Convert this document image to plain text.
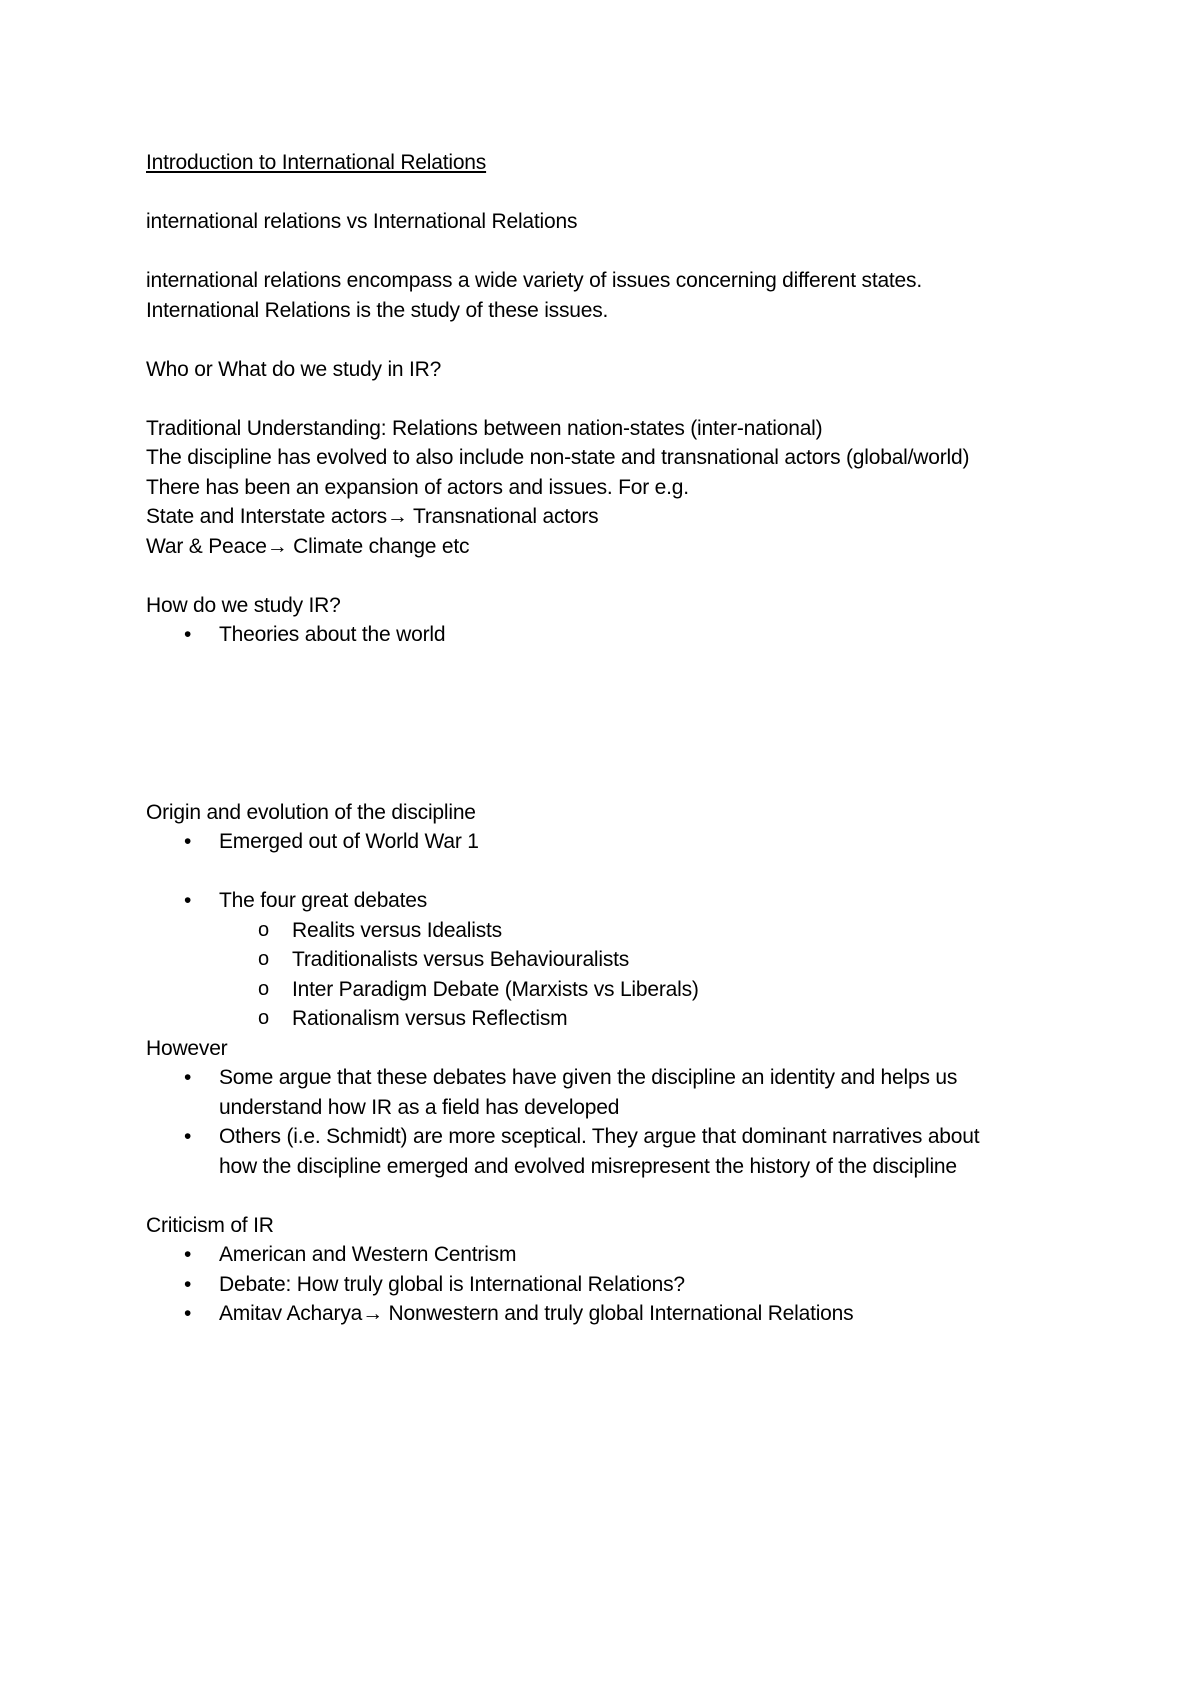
Introduction to International Relations

international relations vs International Relations

international relations encompass a wide variety of issues concerning different states.

International Relations is the study of these issues.

Who or What do we study in IR?

Traditional Understanding: Relations between nation-states (inter-national)

The discipline has evolved to also include non-state and transnational actors (global/world)

There has been an expansion of actors and issues. For e.g.

State and Interstate actors→ Transnational actors

War & Peace→ Climate change etc

How do we study IR?

• Theories about the world

Origin and evolution of the discipline

• Emerged out of World War 1
• The four great debates
o Realits versus Idealists
o Traditionalists versus Behaviouralists
o Inter Paradigm Debate (Marxists vs Liberals)
o Rationalism versus Reflectism

However

• Some argue that these debates have given the discipline an identity and helps us understand how IR as a field has developed
• Others (i.e. Schmidt) are more sceptical. They argue that dominant narratives about how the discipline emerged and evolved misrepresent the history of the discipline

Criticism of IR

• American and Western Centrism
• Debate: How truly global is International Relations?
• Amitav Acharya→ Nonwestern and truly global International Relations
